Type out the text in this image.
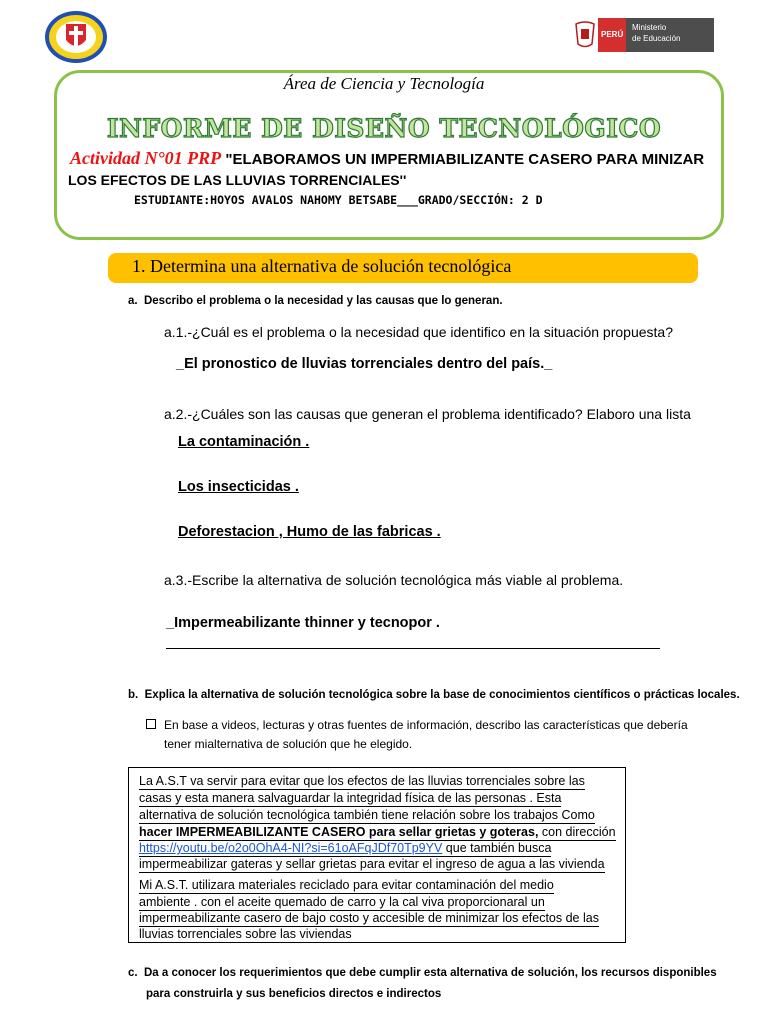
PERÚ
Ministerio
de Educación
Área de Ciencia y Tecnología
INFORME DE DISEÑO TECNOLÓGICO
Actividad N°01 PRP "ELABORAMOS UN IMPERMIABILIZANTE CASERO PARA MINIZAR
LOS EFECTOS DE LAS LLUVIAS TORRENCIALES''
ESTUDIANTE:HOYOS AVALOS NAHOMY BETSABE___GRADO/SECCIÓN: 2 D
1. Determina una alternativa de solución tecnológica
a. Describo el problema o la necesidad y las causas que lo generan.
a.1.-¿Cuál es el problema o la necesidad que identifico en la situación propuesta?
_El pronostico de lluvias torrenciales dentro del país._
a.2.-¿Cuáles son las causas que generan el problema identificado? Elaboro una lista
La contaminación .
Los insecticidas .
Deforestacion , Humo de las fabricas .
a.3.-Escribe la alternativa de solución tecnológica más viable al problema.
_Impermeabilizante thinner y tecnopor .
b. Explica la alternativa de solución tecnológica sobre la base de conocimientos científicos o prácticas locales.
En base a videos, lecturas y otras fuentes de información, describo las características que debería
tener mialternativa de solución que he elegido.
La A.S.T va servir para evitar que los efectos de las lluvias torrenciales sobre las
casas y esta manera salvaguardar la integridad física de las personas . Esta
alternativa de solución tecnológica también tiene relación sobre los trabajos Como
hacer IMPERMEABILIZANTE CASERO para sellar grietas y goteras, con dirección
https://youtu.be/o2o0OhA4-NI?si=61oAFqJDf70Tp9YV que también busca
impermeabilizar gateras y sellar grietas para evitar el ingreso de agua a las vivienda
Mi A.S.T. utilizara materiales reciclado para evitar contaminación del medio
ambiente . con el aceite quemado de carro y la cal viva proporcionaral un
impermeabilizante casero de bajo costo y accesible de minimizar los efectos de las
lluvias torrenciales sobre las viviendas
c. Da a conocer los requerimientos que debe cumplir esta alternativa de solución, los recursos disponibles
para construirla y sus beneficios directos e indirectos
